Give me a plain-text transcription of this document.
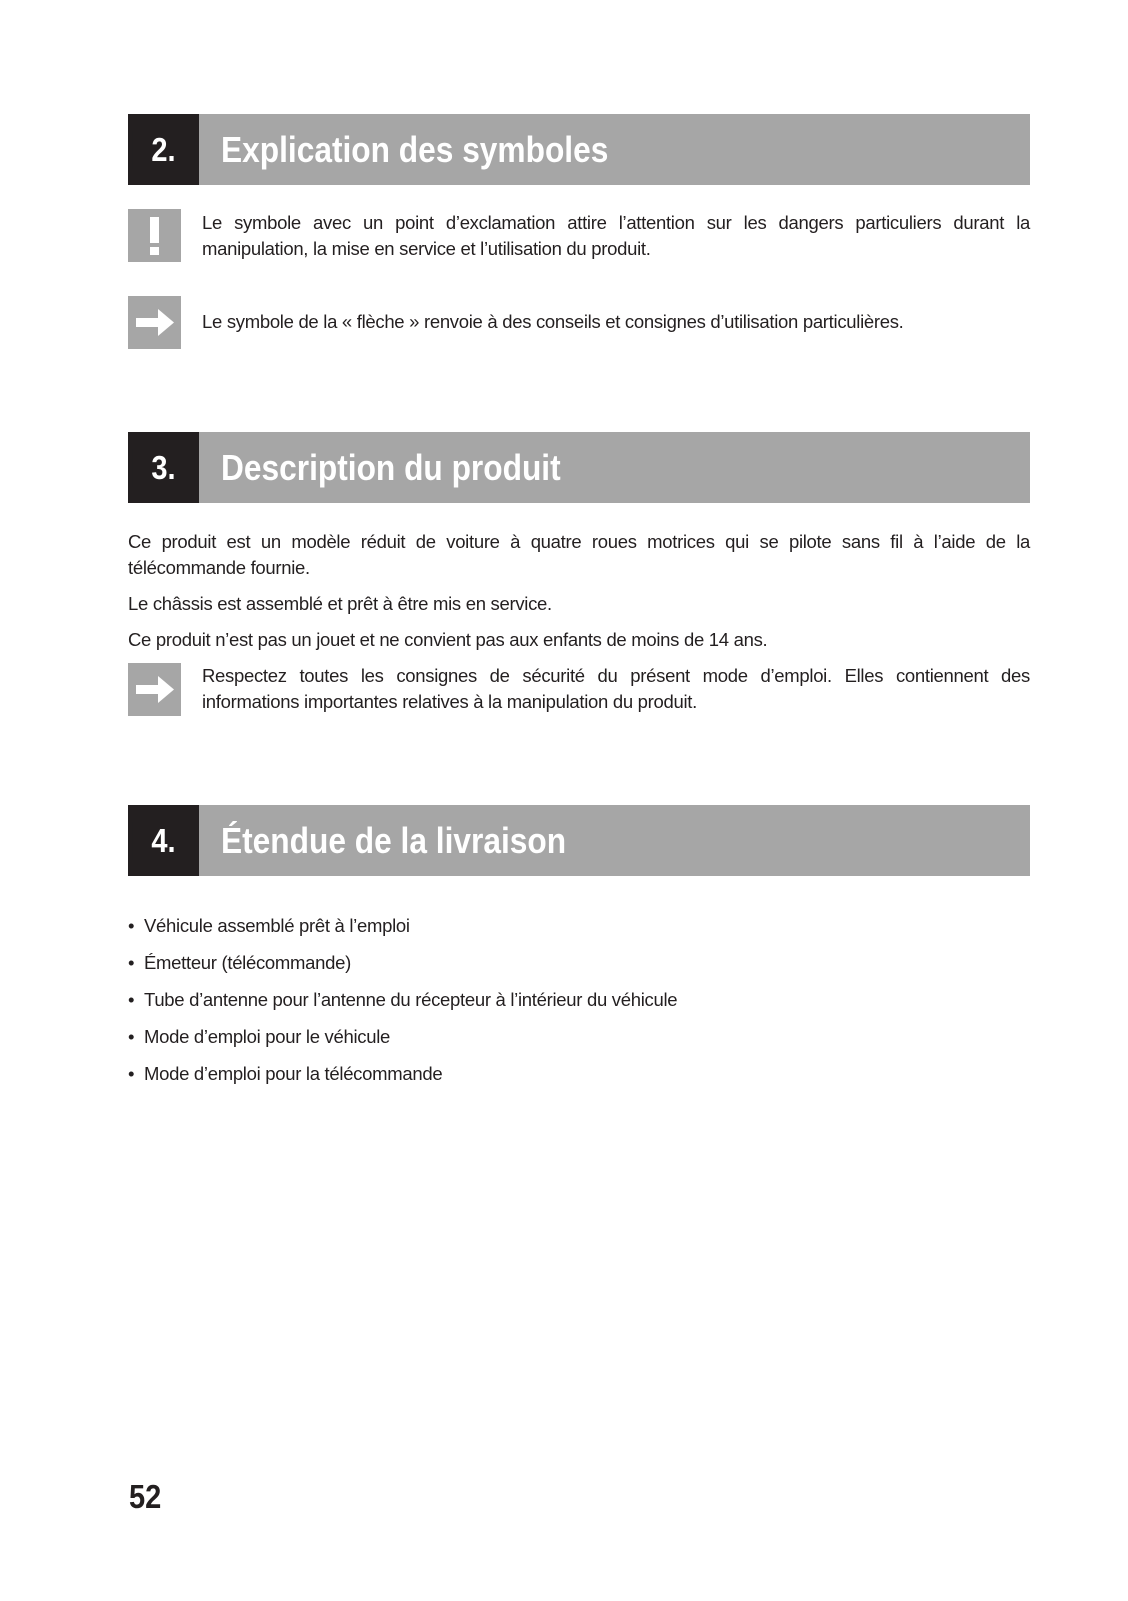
2.	Explication des symboles
Le symbole avec un point d’exclamation attire l’attention sur les dangers particuliers durant la manipulation, la mise en service et l’utilisation du produit.
Le symbole de la « flèche » renvoie à des conseils et consignes d’utilisation particulières.
3.	Description du produit
Ce produit est un modèle réduit de voiture à quatre roues motrices qui se pilote sans fil à l’aide de la télécommande fournie.
Le châssis est assemblé et prêt à être mis en service.
Ce produit n’est pas un jouet et ne convient pas aux enfants de moins de 14 ans.
Respectez toutes les consignes de sécurité du présent mode d’emploi. Elles contiennent des informations importantes relatives à la manipulation du produit.
4.	Étendue de la livraison
• Véhicule assemblé prêt à l’emploi
• Émetteur (télécommande)
• Tube d’antenne pour l’antenne du récepteur à l’intérieur du véhicule
• Mode d’emploi pour le véhicule
• Mode d’emploi pour la télécommande
52
